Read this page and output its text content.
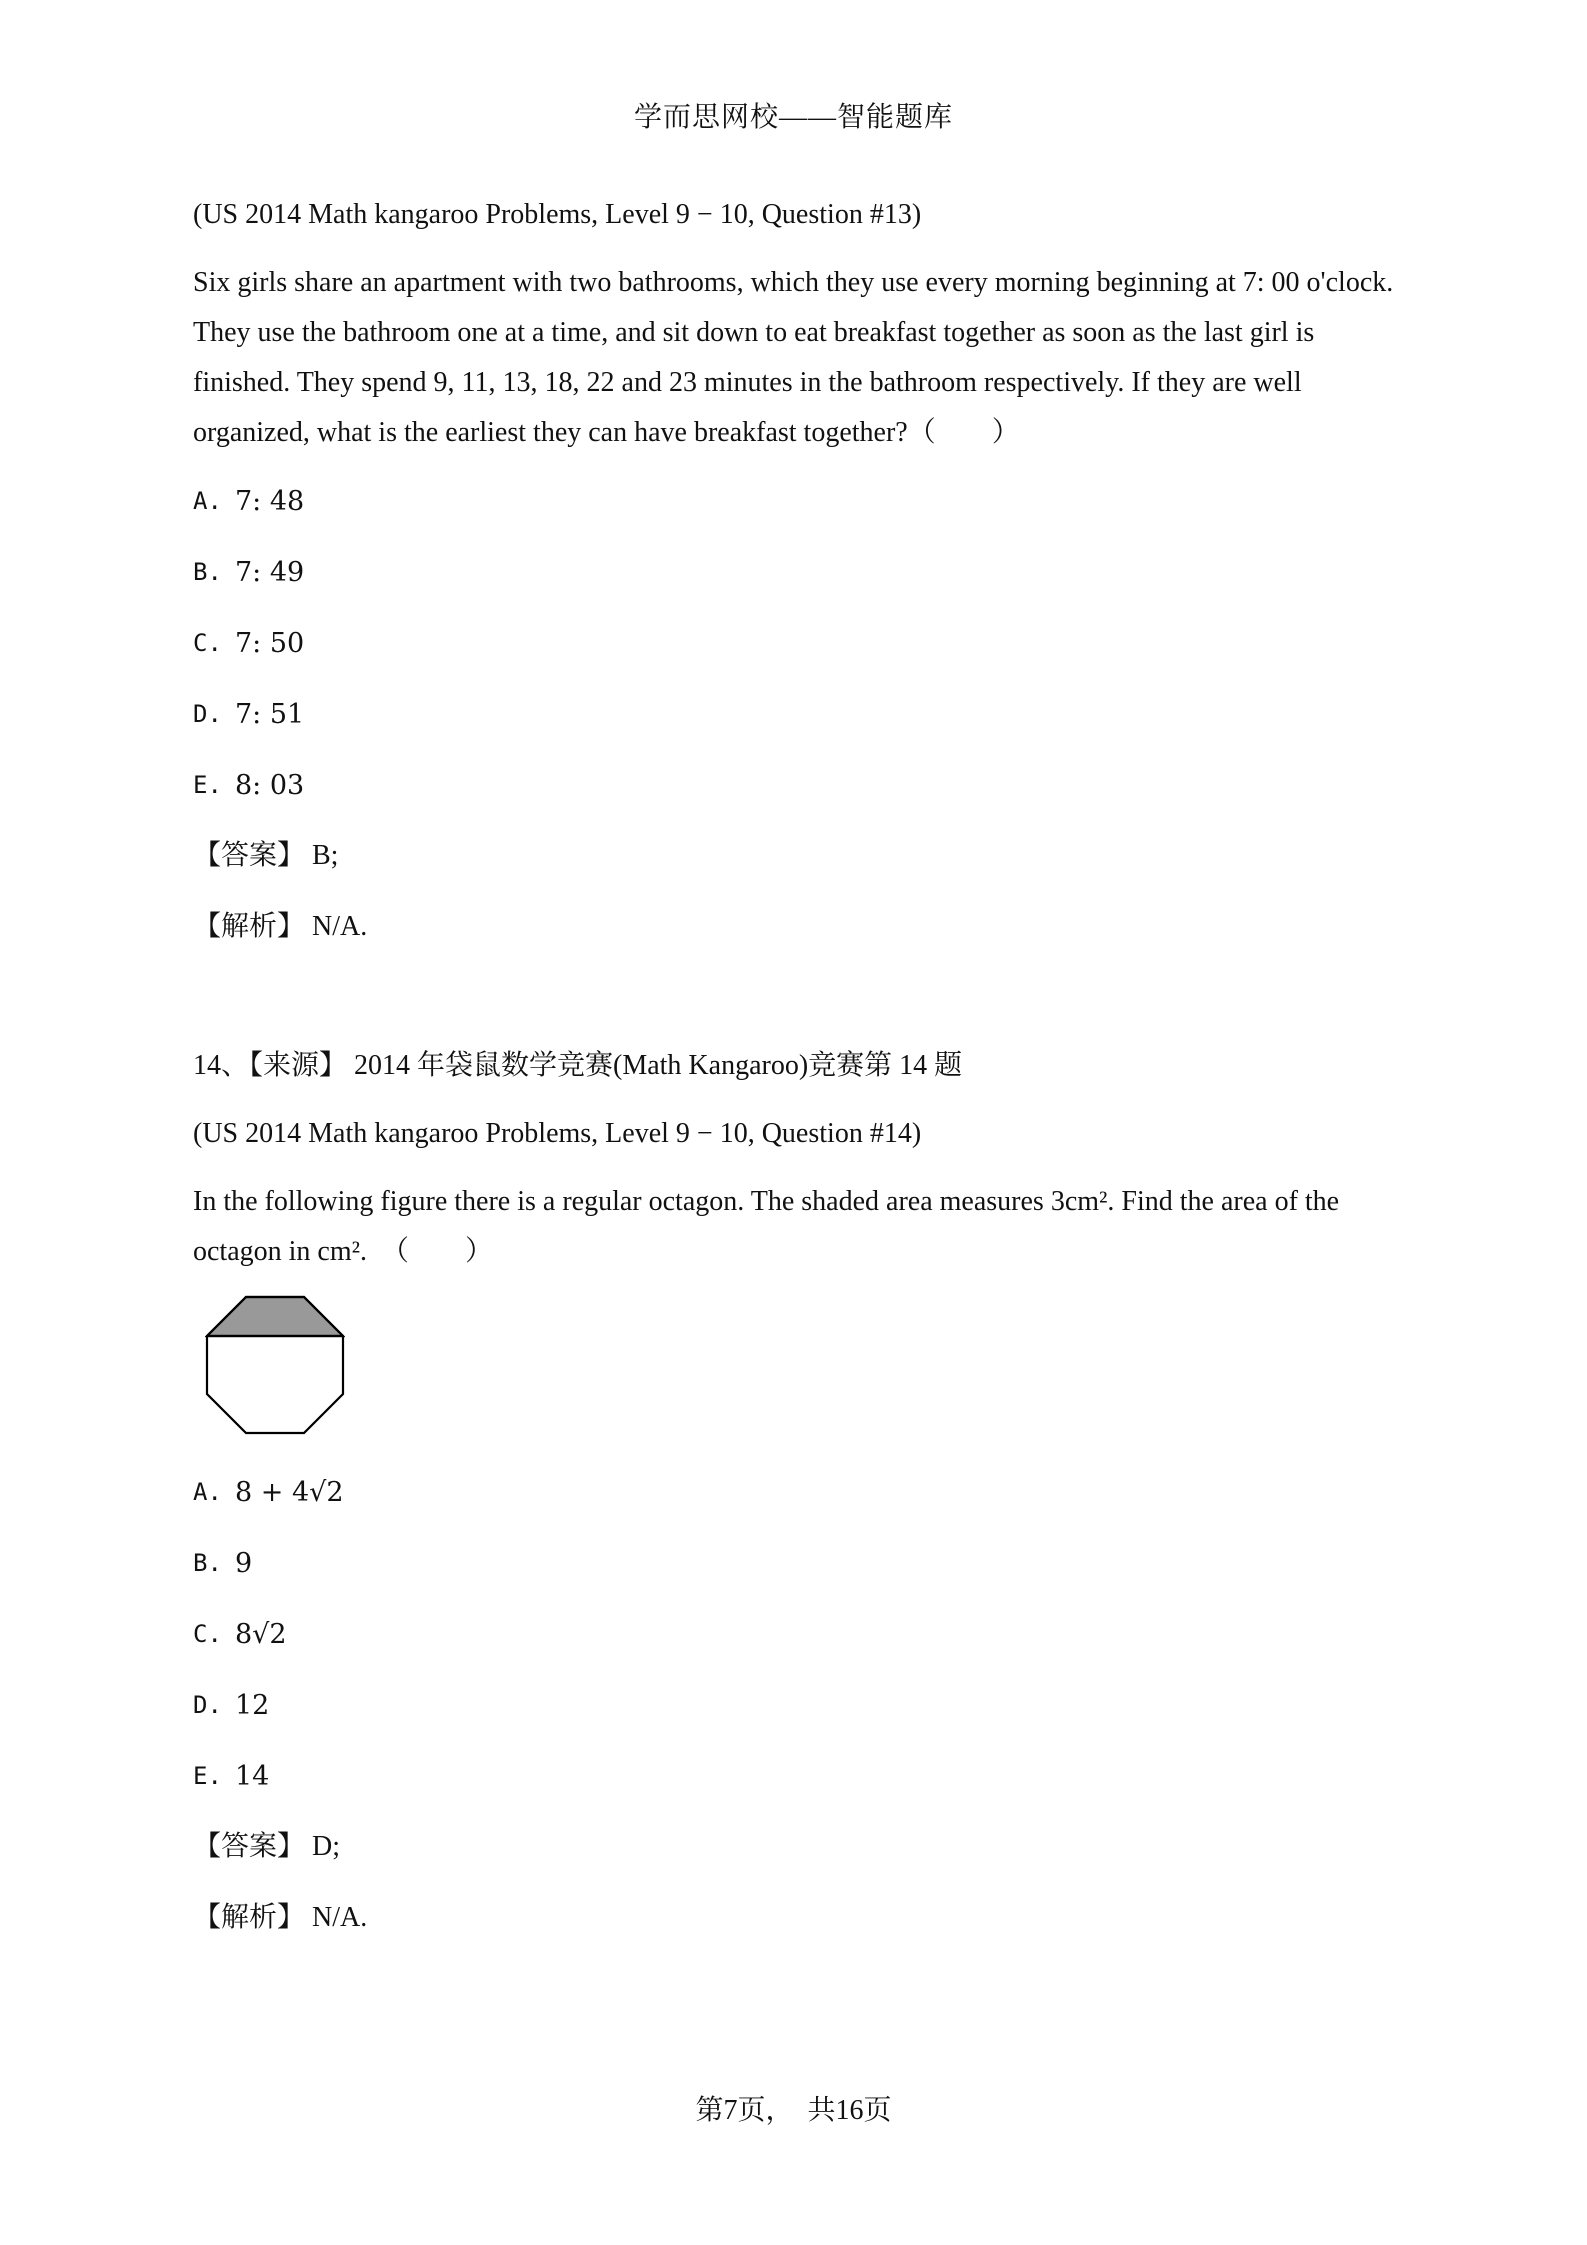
学而思网校——智能题库

(US 2014 Math kangaroo Problems, Level 9 − 10, Question #13)

Six girls share an apartment with two bathrooms, which they use every morning beginning at 7: 00 o'clock.

They use the bathroom one at a time, and sit down to eat breakfast together as soon as the last girl is

finished. They spend 9, 11, 13, 18, 22 and 23 minutes in the bathroom respectively. If they are well

organized, what is the earliest they can have breakfast together?（　　）

A. 7: 48
B. 7: 49
C. 7: 50
D. 7: 51
E. 8: 03
【答案】 B;
【解析】 N/A.

14、【来源】 2014 年袋鼠数学竞赛(Math Kangaroo)竞赛第 14 题

(US 2014 Math kangaroo Problems, Level 9 − 10, Question #14)

In the following figure there is a regular octagon. The shaded area measures 3cm². Find the area of the

octagon in cm².　（　　）

A. 8 + 4√2
B. 9
C. 8√2
D. 12
E. 14
【答案】 D;
【解析】 N/A.
第7页，　共16页
